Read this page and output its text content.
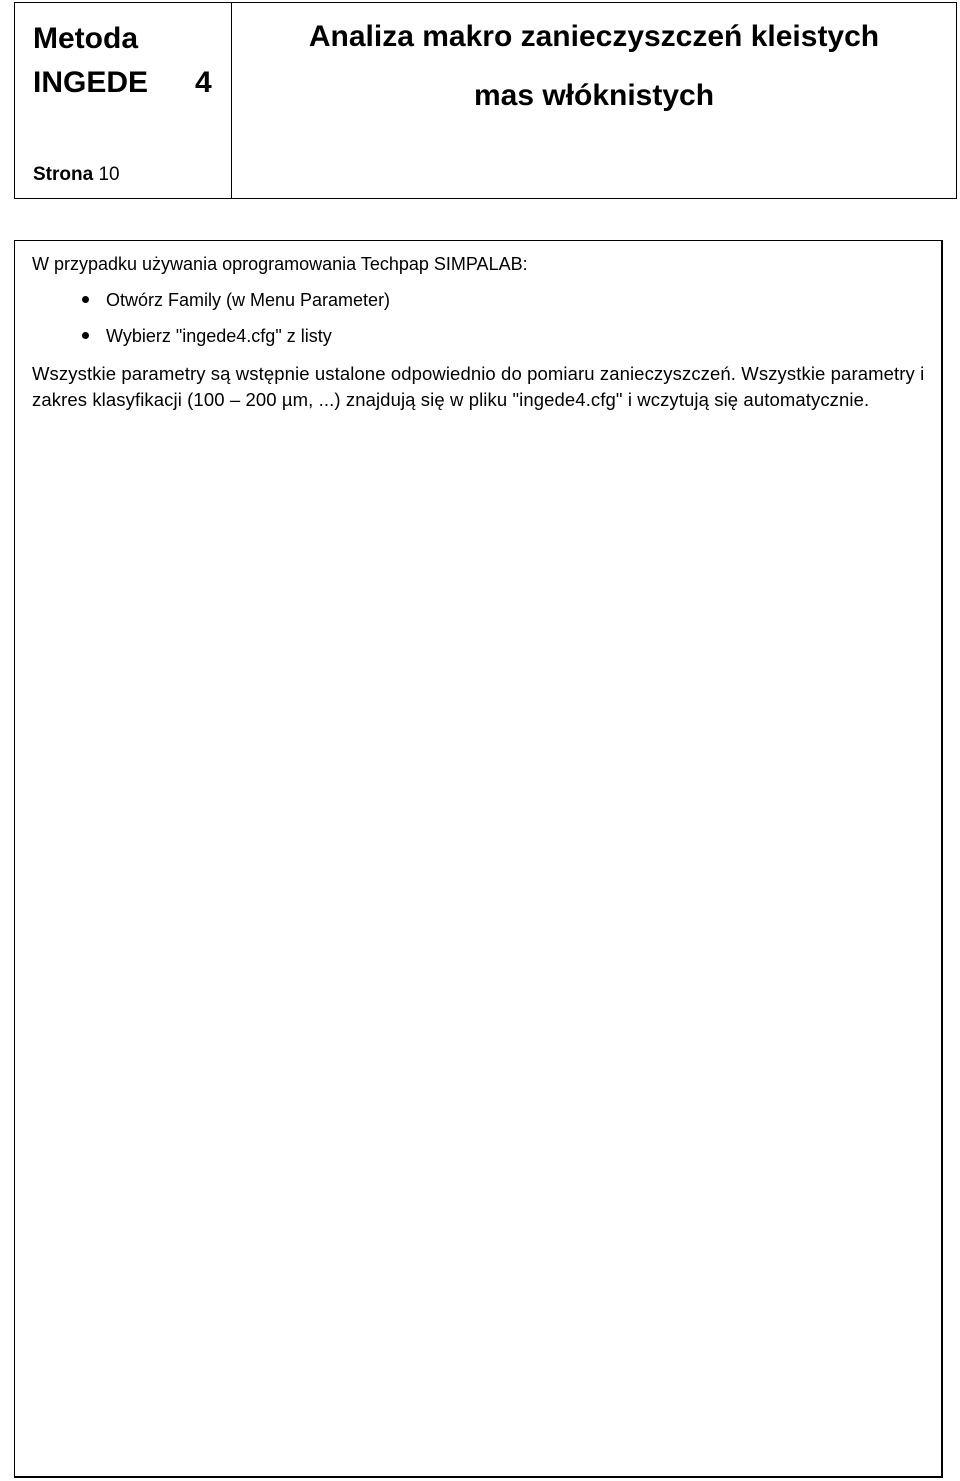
Metoda
INGEDE 4
Strona 10
Analiza makro zanieczyszczeń kleistych
mas włóknistych
W przypadku używania oprogramowania Techpap SIMPALAB:
Otwórz Family (w Menu Parameter)
Wybierz "ingede4.cfg" z listy

Wszystkie parametry są wstępnie ustalone odpowiednio do pomiaru zanieczyszczeń. Wszystkie parametry i zakres klasyfikacji (100 – 200 µm, ...) znajdują się w pliku "ingede4.cfg" i wczytują się automatycznie.
